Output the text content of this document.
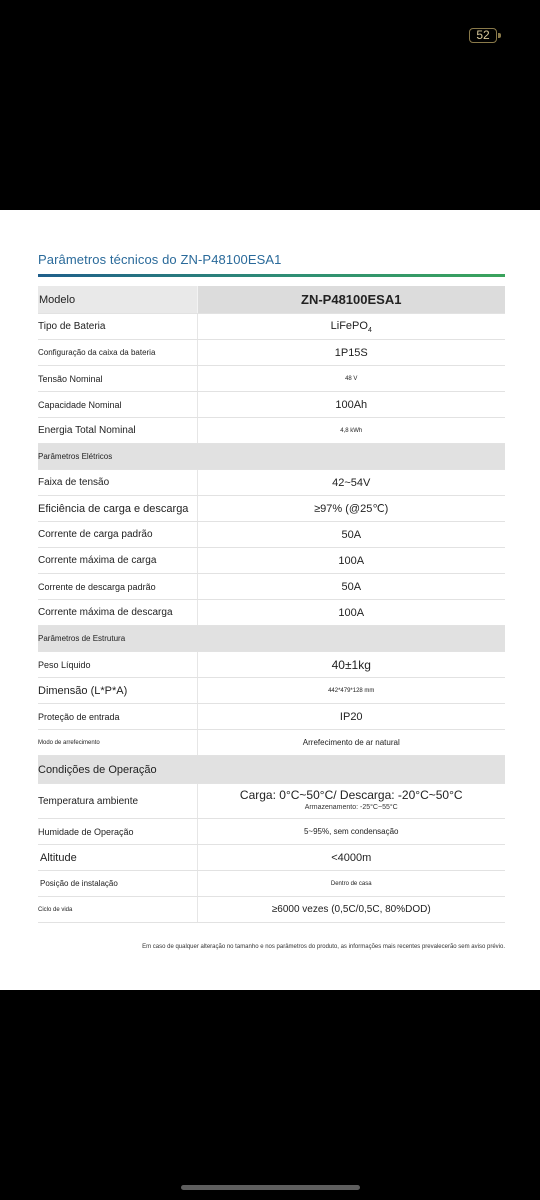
52
Parâmetros técnicos do ZN-P48100ESA1
Modelo	ZN-P48100ESA1
Tipo de Bateria	LiFePO$_4$
Configuração da caixa da bateria	1P15S
Tensão Nominal	48 V
Capacidade Nominal	100Ah
Energia Total Nominal	4,8 kWh
Parâmetros Elétricos	
Faixa de tensão	42~54V
Eficiência de carga e descarga	≥97% (@25℃)
Corrente de carga padrão	50A
Corrente máxima de carga	100A
Corrente de descarga padrão	50A
Corrente máxima de descarga	100A
Parâmetros de Estrutura	
Peso Líquido	40±1kg
Dimensão (L*P*A)	442*479*128 mm
Proteção de entrada	IP20
Modo de arrefecimento	Arrefecimento de ar natural
Condições de Operação	
Temperatura ambiente	Carga: 0°C~50°C/ Descarga: -20°C~50°C
Armazenamento: -25°C~55°C

Humidade de Operação	5~95%, sem condensação
Altitude	<4000m
Posição de instalação	Dentro de casa
Ciclo de vida	≥6000 vezes (0,5C/0,5C, 80%DOD)
Em caso de qualquer alteração no tamanho e nos parâmetros do produto, as informações mais recentes prevalecerão sem aviso prévio.
